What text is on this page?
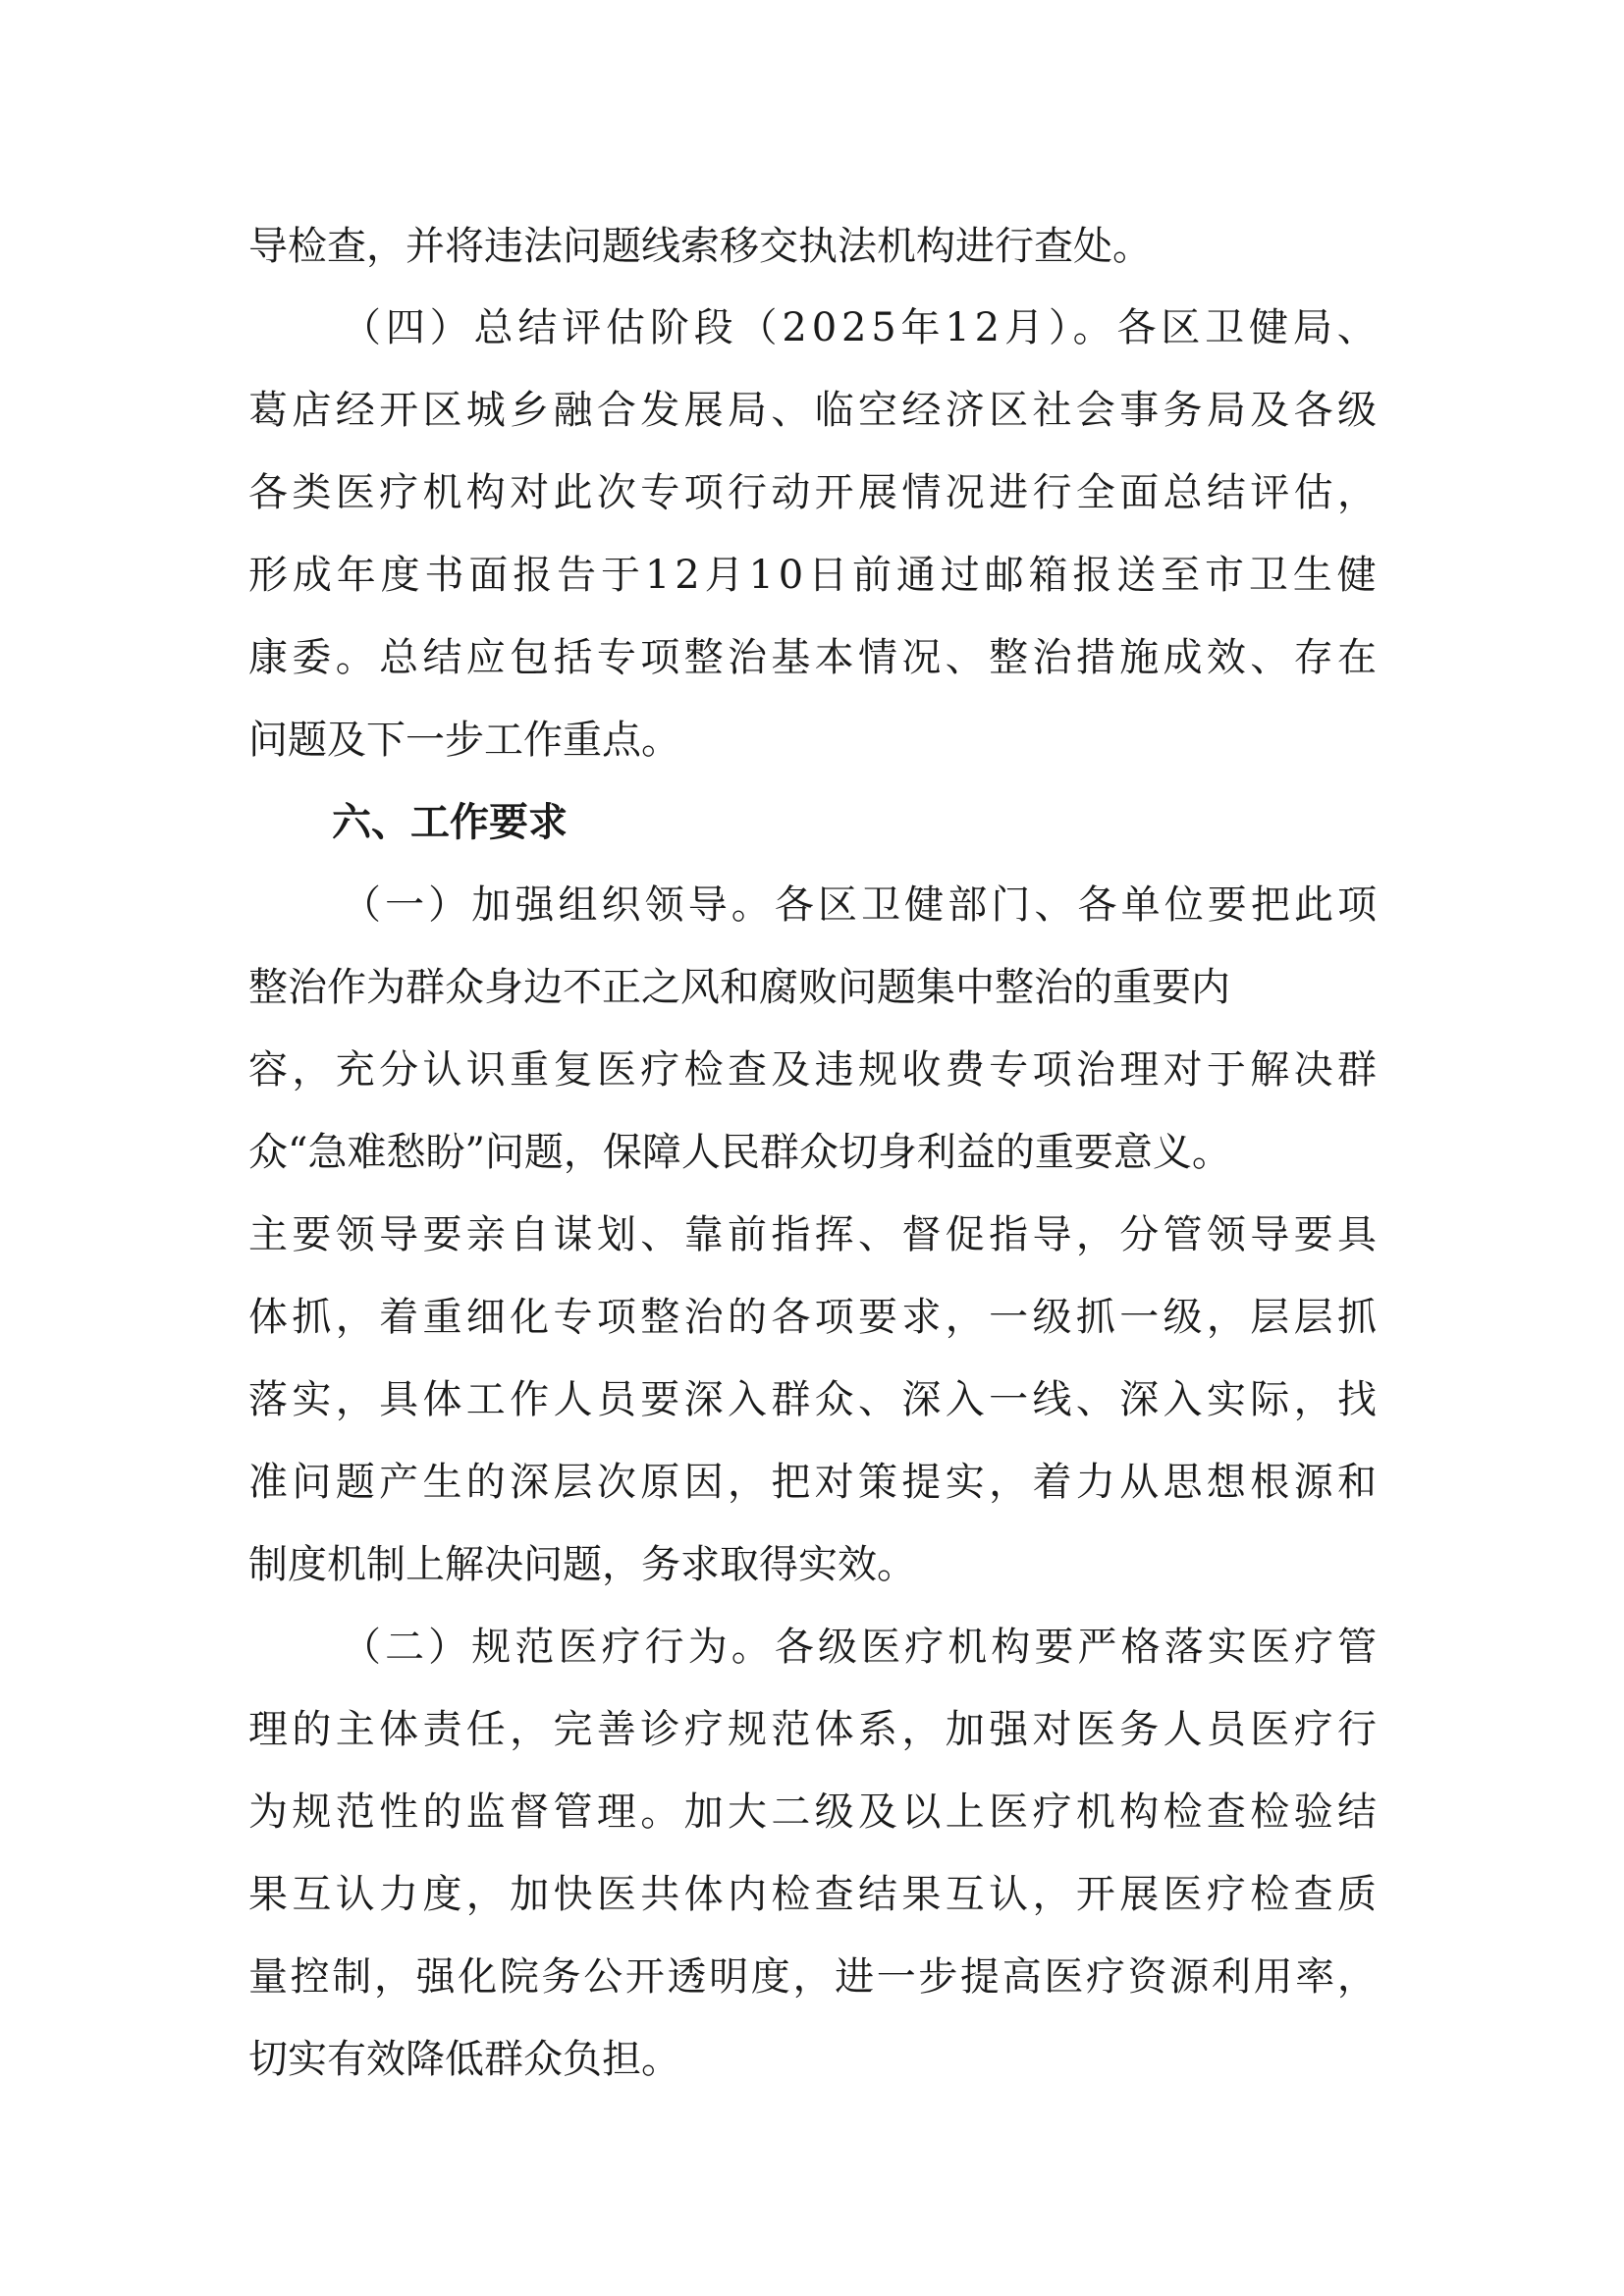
导检查，并将违法问题线索移交执法机构进行查处。
（四）总结评估阶段（2025年12月）。各区卫健局、
葛店经开区城乡融合发展局、临空经济区社会事务局及各级
各类医疗机构对此次专项行动开展情况进行全面总结评估，
形成年度书面报告于12月10日前通过邮箱报送至市卫生健
康委。总结应包括专项整治基本情况、整治措施成效、存在
问题及下一步工作重点。
六、工作要求
（一）加强组织领导。各区卫健部门、各单位要把此项
整治作为群众身边不正之风和腐败问题集中整治的重要内
容，充分认识重复医疗检查及违规收费专项治理对于解决群
众“急难愁盼”问题，保障人民群众切身利益的重要意义。
主要领导要亲自谋划、靠前指挥、督促指导，分管领导要具
体抓，着重细化专项整治的各项要求，一级抓一级，层层抓
落实，具体工作人员要深入群众、深入一线、深入实际，找
准问题产生的深层次原因，把对策提实，着力从思想根源和
制度机制上解决问题，务求取得实效。
（二）规范医疗行为。各级医疗机构要严格落实医疗管
理的主体责任，完善诊疗规范体系，加强对医务人员医疗行
为规范性的监督管理。加大二级及以上医疗机构检查检验结
果互认力度，加快医共体内检查结果互认，开展医疗检查质
量控制，强化院务公开透明度，进一步提高医疗资源利用率，
切实有效降低群众负担。
